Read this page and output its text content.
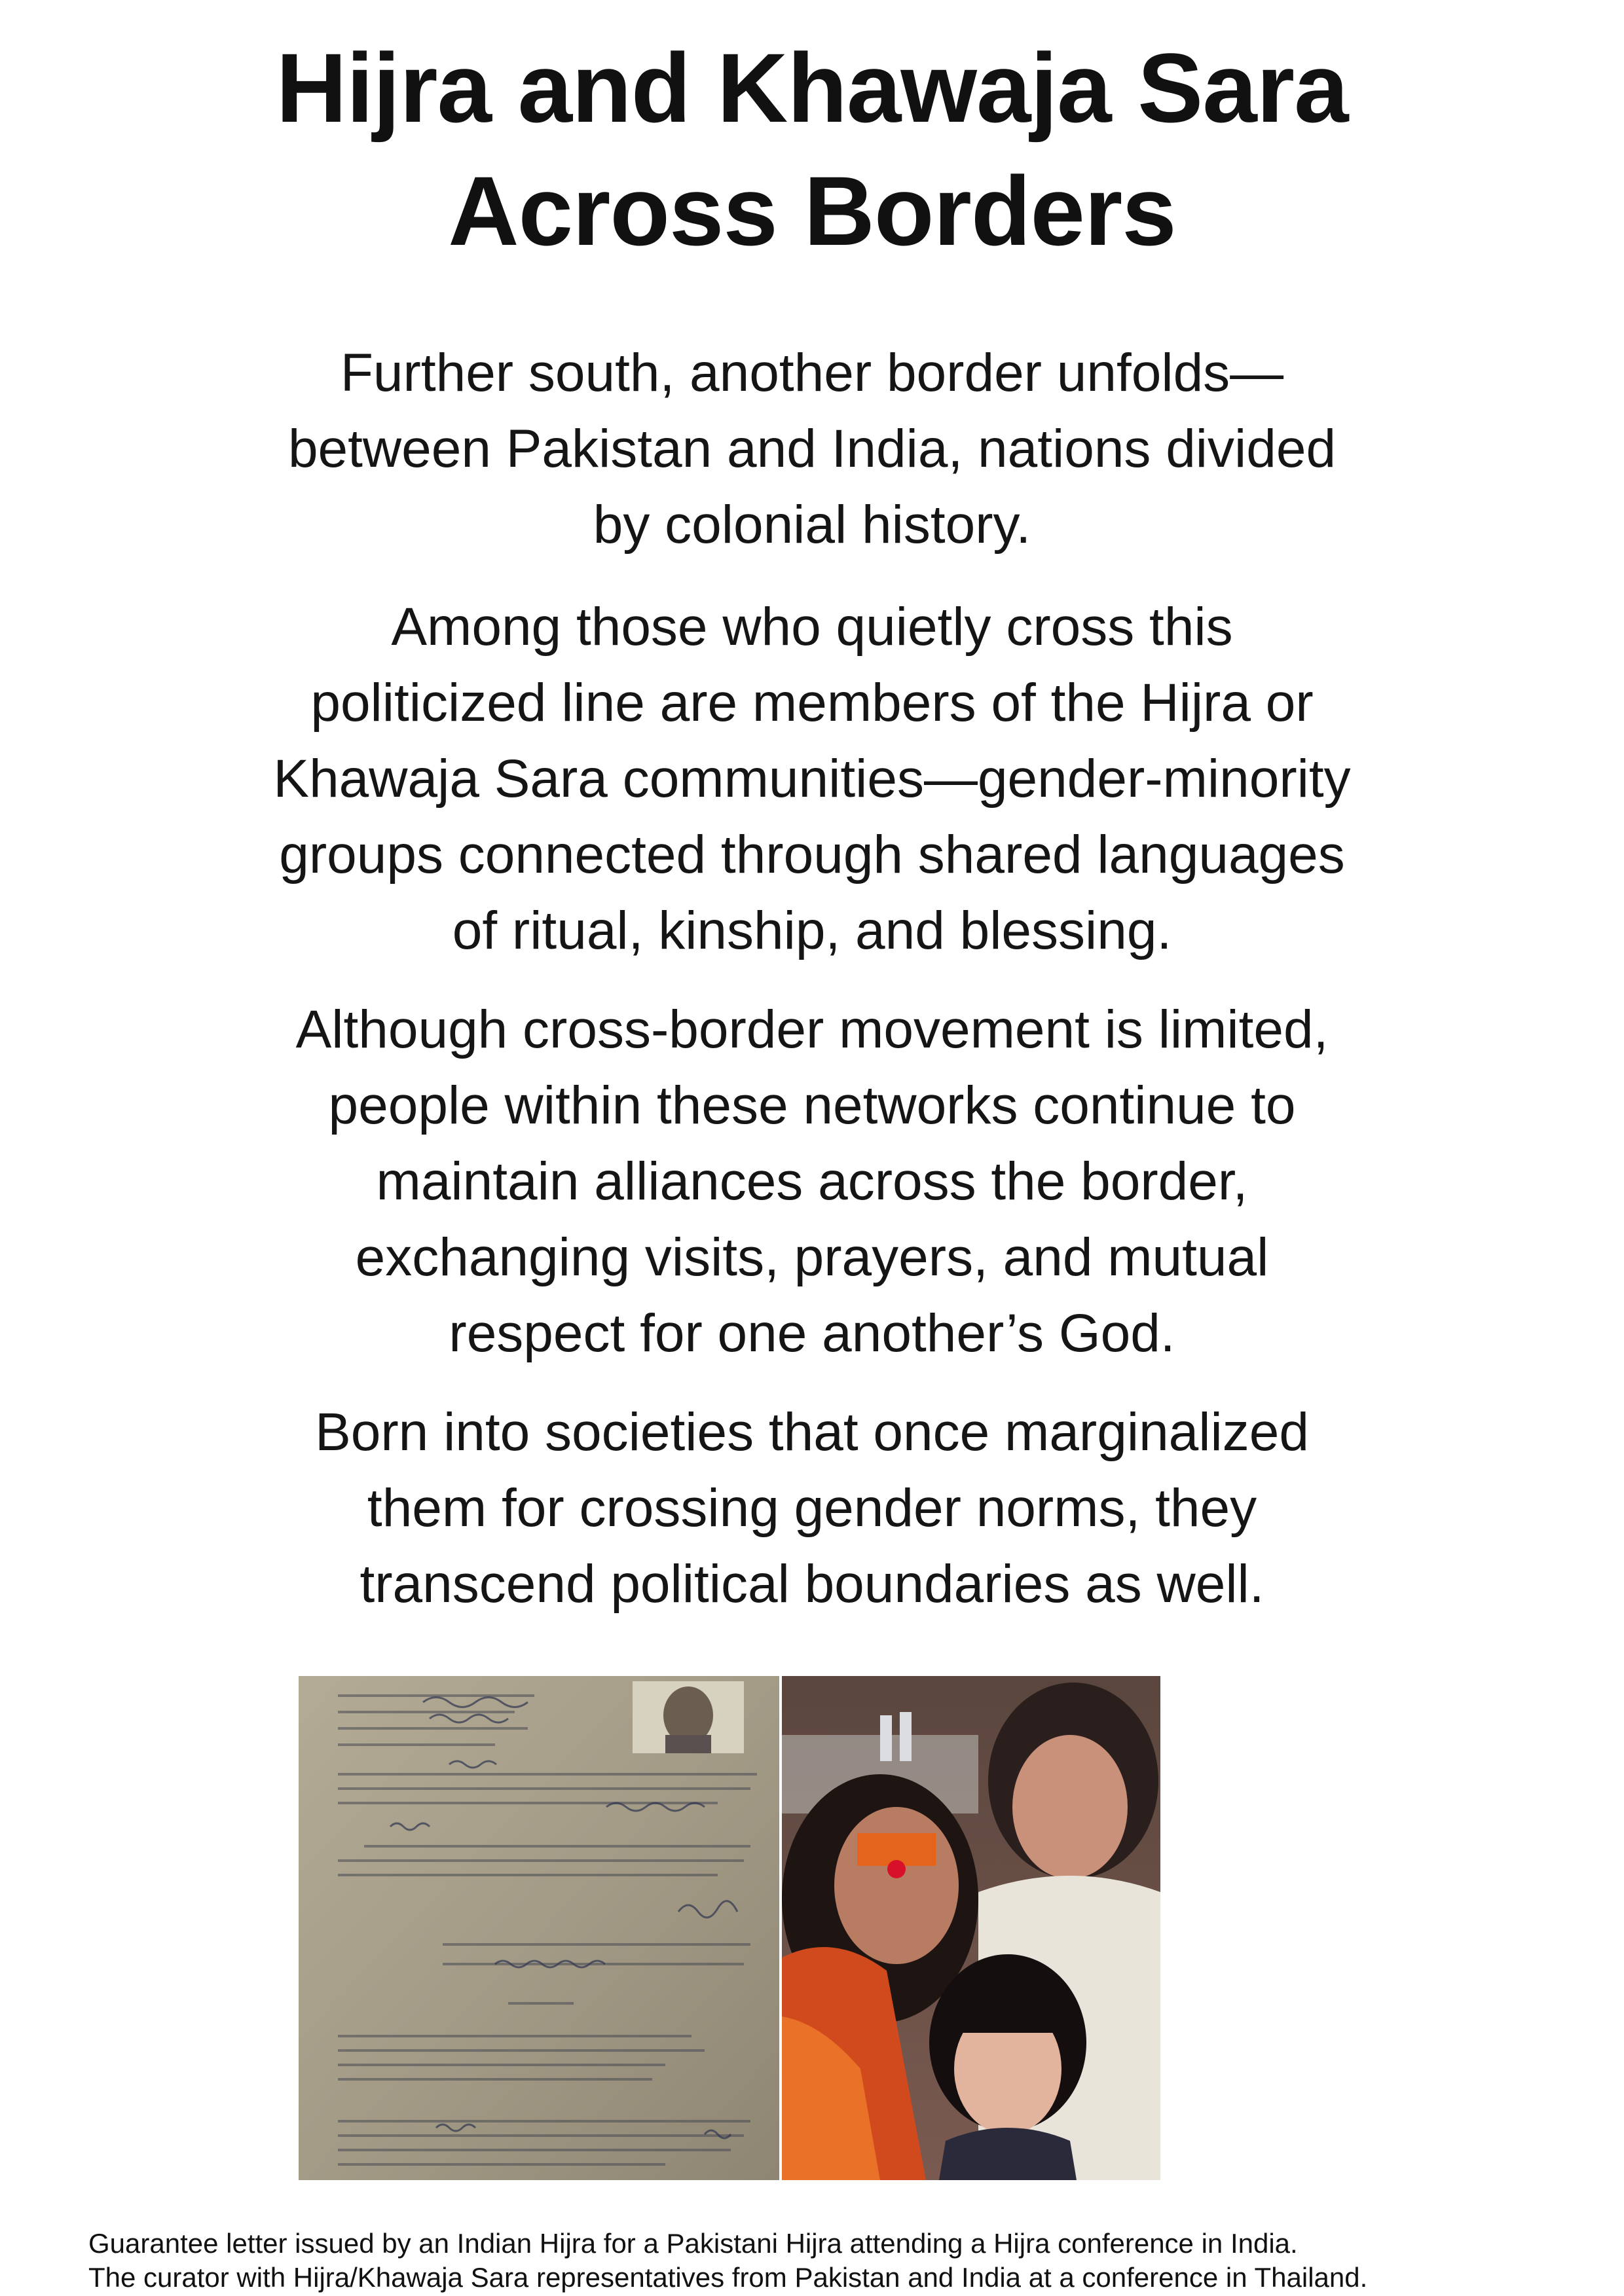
Hijra and Khawaja Sara
Across Borders
Further south, another border unfolds—
between Pakistan and India, nations divided
by colonial history.
Among those who quietly cross this
politicized line are members of the Hijra or
Khawaja Sara communities—gender-minority
groups connected through shared languages
of ritual, kinship, and blessing.
Although cross-border movement is limited,
people within these networks continue to
maintain alliances across the border,
exchanging visits, prayers, and mutual
respect for one another’s God.
Born into societies that once marginalized
them for crossing gender norms, they
transcend political boundaries as well.
Guarantee letter issued by an Indian Hijra for a Pakistani Hijra attending a Hijra conference in India.
The curator with Hijra/Khawaja Sara representatives from Pakistan and India at a conference in Thailand.
